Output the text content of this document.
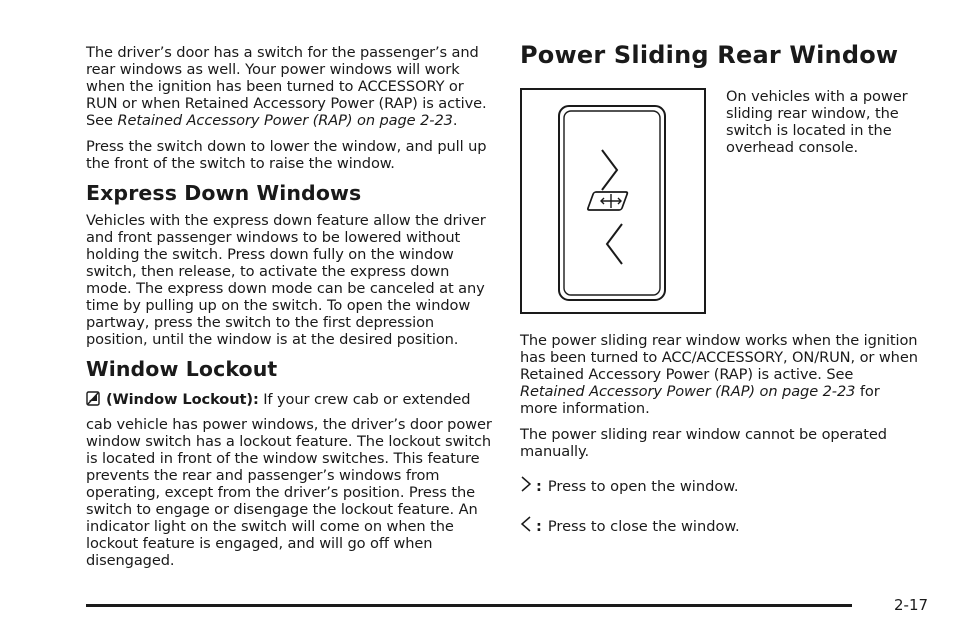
The driver’s door has a switch for the passenger’s and rear windows as well. Your power windows will work when the ignition has been turned to ACCESSORY or RUN or when Retained Accessory Power (RAP) is active. See Retained Accessory Power (RAP) on page 2-23.

Press the switch down to lower the window, and pull up the front of the switch to raise the window.

Express Down Windows

Vehicles with the express down feature allow the driver and front passenger windows to be lowered without holding the switch. Press down fully on the window switch, then release, to activate the express down mode. The express down mode can be canceled at any time by pulling up on the switch. To open the window partway, press the switch to the first depression position, until the window is at the desired position.

Window Lockout

(Window Lockout): If your crew cab or extended

cab vehicle has power windows, the driver’s door power window switch has a lockout feature. The lockout switch is located in front of the window switches. This feature prevents the rear and passenger’s windows from operating, except from the driver’s position. Press the switch to engage or disengage the lockout feature. An indicator light on the switch will come on when the lockout feature is engaged, and will go off when disengaged.

Power Sliding Rear Window

On vehicles with a power sliding rear window, the switch is located in the overhead console.

The power sliding rear window works when the ignition has been turned to ACC/ACCESSORY, ON/RUN, or when Retained Accessory Power (RAP) is active. See Retained Accessory Power (RAP) on page 2-23 for more information.

The power sliding rear window cannot be operated manually.

: Press to open the window.
: Press to close the window.
2-17
